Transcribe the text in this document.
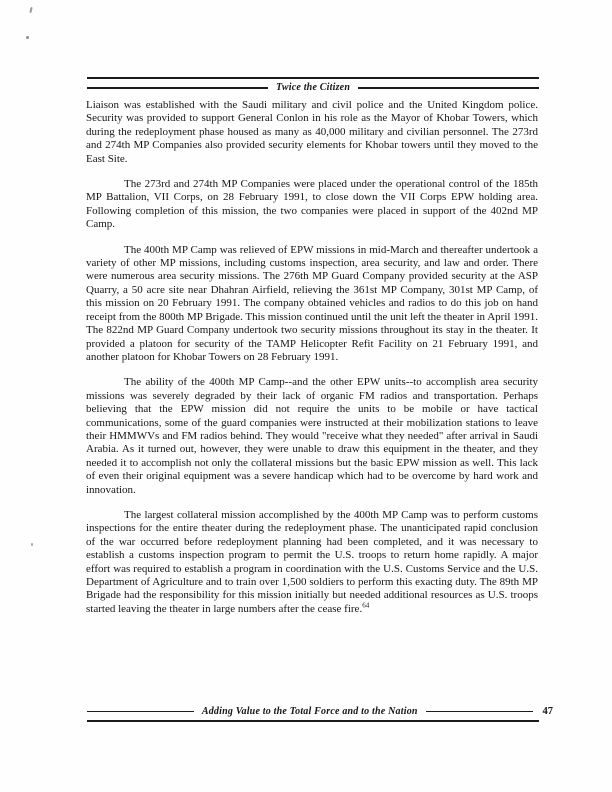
Twice the Citizen

Liaison was established with the Saudi military and civil police and the United Kingdom police. Security was provided to support General Conlon in his role as the Mayor of Khobar Towers, which during the redeployment phase housed as many as 40,000 military and civilian personnel. The 273rd and 274th MP Companies also provided security elements for Khobar towers until they moved to the East Site.

The 273rd and 274th MP Companies were placed under the operational control of the 185th MP Battalion, VII Corps, on 28 February 1991, to close down the VII Corps EPW holding area. Following completion of this mission, the two companies were placed in support of the 402nd MP Camp.

The 400th MP Camp was relieved of EPW missions in mid-March and thereafter undertook a variety of other MP missions, including customs inspection, area security, and law and order. There were numerous area security missions. The 276th MP Guard Company provided security at the ASP Quarry, a 50 acre site near Dhahran Airfield, relieving the 361st MP Company, 301st MP Camp, of this mission on 20 February 1991. The company obtained vehicles and radios to do this job on hand receipt from the 800th MP Brigade. This mission continued until the unit left the theater in April 1991. The 822nd MP Guard Company undertook two security missions throughout its stay in the theater. It provided a platoon for security of the TAMP Helicopter Refit Facility on 21 February 1991, and another platoon for Khobar Towers on 28 February 1991.

The ability of the 400th MP Camp--and the other EPW units--to accomplish area security missions was severely degraded by their lack of organic FM radios and transportation. Perhaps believing that the EPW mission did not require the units to be mobile or have tactical communications, some of the guard companies were instructed at their mobilization stations to leave their HMMWVs and FM radios behind. They would "receive what they needed" after arrival in Saudi Arabia. As it turned out, however, they were unable to draw this equipment in the theater, and they needed it to accomplish not only the collateral missions but the basic EPW mission as well. This lack of even their original equipment was a severe handicap which had to be overcome by hard work and innovation.

The largest collateral mission accomplished by the 400th MP Camp was to perform customs inspections for the entire theater during the redeployment phase. The unanticipated rapid conclusion of the war occurred before redeployment planning had been completed, and it was necessary to establish a customs inspection program to permit the U.S. troops to return home rapidly. A major effort was required to establish a program in coordination with the U.S. Customs Service and the U.S. Department of Agriculture and to train over 1,500 soldiers to perform this exacting duty. The 89th MP Brigade had the responsibility for this mission initially but needed additional resources as U.S. troops started leaving the theater in large numbers after the cease fire.$^{64}$

Adding Value to the Total Force and to the Nation	47
